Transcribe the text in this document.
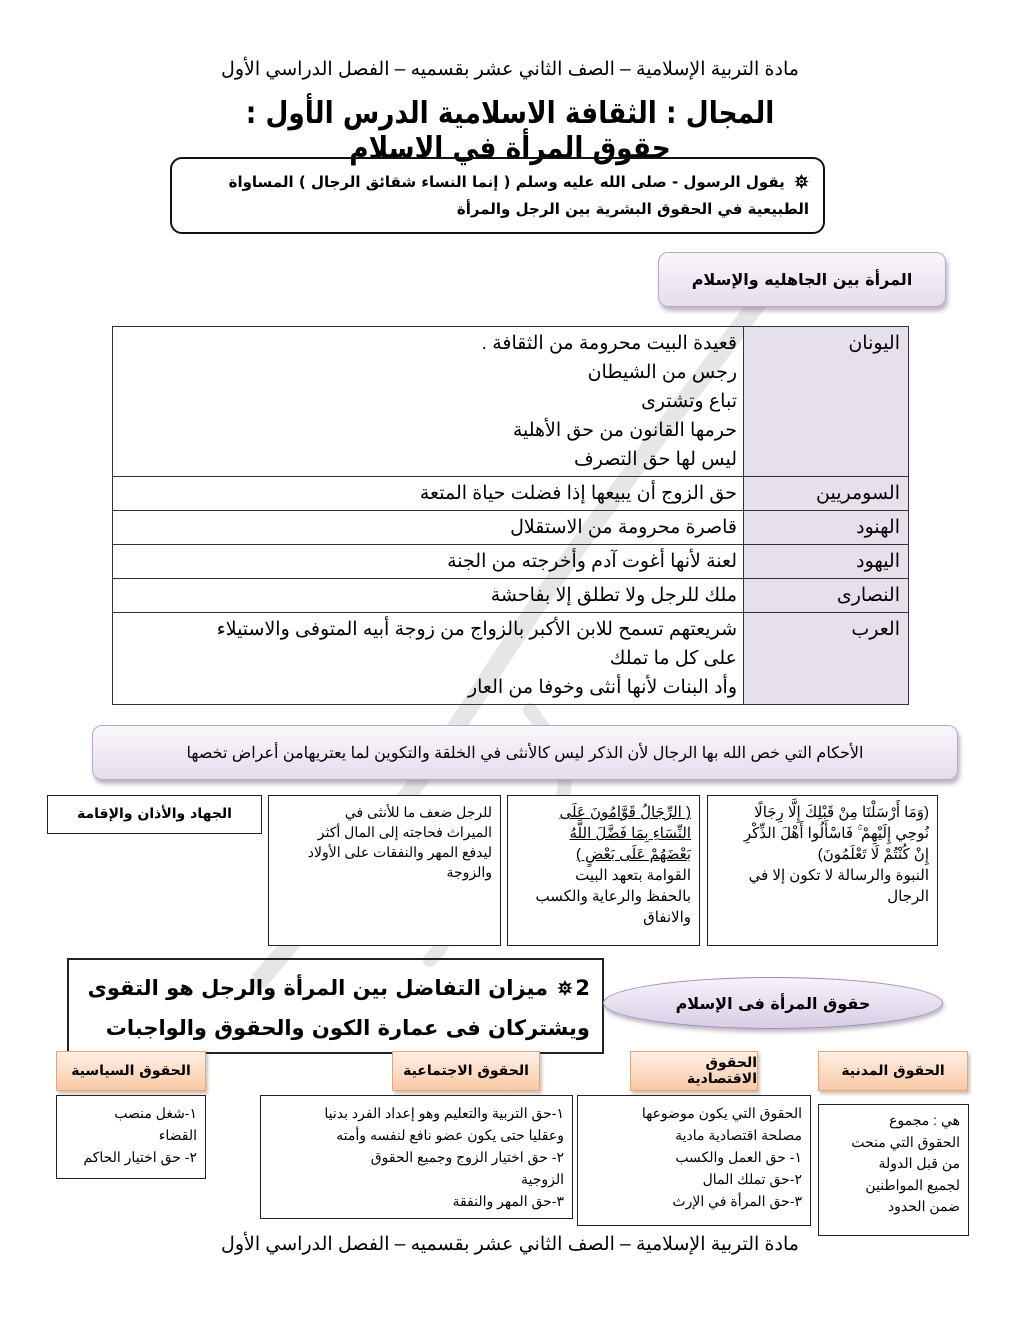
مادة التربية الإسلامية – الصف الثاني عشر بقسميه – الفصل الدراسي الأول
المجال : الثقافة الاسلامية الدرس الأول : حقوق المرأة في الاسلام
يقول الرسول - صلى الله عليه وسلم ( إنما النساء شقائق الرجال ) المساواة الطبيعية في الحقوق البشرية بين الرجل والمرأة
المرأة بين الجاهليه والإسلام
اليونان	قعيدة البيت محرومة من الثقافة .
رجس من الشيطان
تباع وتشترى
حرمها القانون من حق الأهلية
ليس لها حق التصرف

السومريين	حق الزوج أن يبيعها إذا فضلت حياة المتعة

الهنود	قاصرة محرومة من الاستقلال

اليهود	لعنة لأنها أغوت آدم وأخرجته من الجنة

النصارى	ملك للرجل ولا تطلق إلا بفاحشة

العرب	شريعتهم تسمح للابن الأكبر بالزواج من زوجة أبيه المتوفى والاستيلاء
على كل ما تملك
وأد البنات لأنها أنثى وخوفا من العار
الأحكام التي خص الله بها الرجال لأن الذكر ليس كالأنثى في الخلقة والتكوين لما يعتريهامن أعراض تخصها
(وَمَا أَرْسَلْنَا مِنْ قَبْلِكَ إِلَّا رِجَالًا
نُوحِي إِلَيْهِمْ ۚ فَاسْأَلُوا أَهْلَ الذِّكْرِ
إِنْ كُنْتُمْ لَا تَعْلَمُونَ)
النبوة والرسالة لا تكون إلا في
الرجال
( الرِّجَالُ قَوَّامُونَ عَلَى
النِّسَاءِ بِمَا فَضَّلَ اللَّهُ
بَعْضَهُمْ عَلَى بَعْضٍ )
القوامة بتعهد البيت
بالحفظ والرعاية والكسب
والانفاق
للرجل ضعف ما للأنثى في
الميراث فحاجته إلى المال أكثر
ليدفع المهر والنفقات على الأولاد
والزوجة
الجهاد والأذان والإقامة
2 ميزان التفاضل بين المرأة والرجل هو التقوى
ويشتركان فى عمارة الكون والحقوق والواجبات
حقوق المرأة فى الإسلام
الحقوق المدنية
الحقوق الاقتصادية
الحقوق الاجتماعية
الحقوق السياسية
هي : مجموع
الحقوق التي منحت
من قبل الدولة
لجميع المواطنين
ضمن الحدود
الحقوق التي يكون موضوعها
مصلحة اقتصادية مادية
١- حق العمل والكسب
٢-حق تملك المال
٣-حق المرأة في الإرث
١-حق التربية والتعليم وهو إعداد الفرد بدنيا
وعقليا حتى يكون عضو نافع لنفسه وأمته
٢- حق اختيار الزوج وجميع الحقوق
الزوجية
٣-حق المهر والنفقة
١-شغل منصب
القضاء
٢- حق اختيار الحاكم
مادة التربية الإسلامية – الصف الثاني عشر بقسميه – الفصل الدراسي الأول
